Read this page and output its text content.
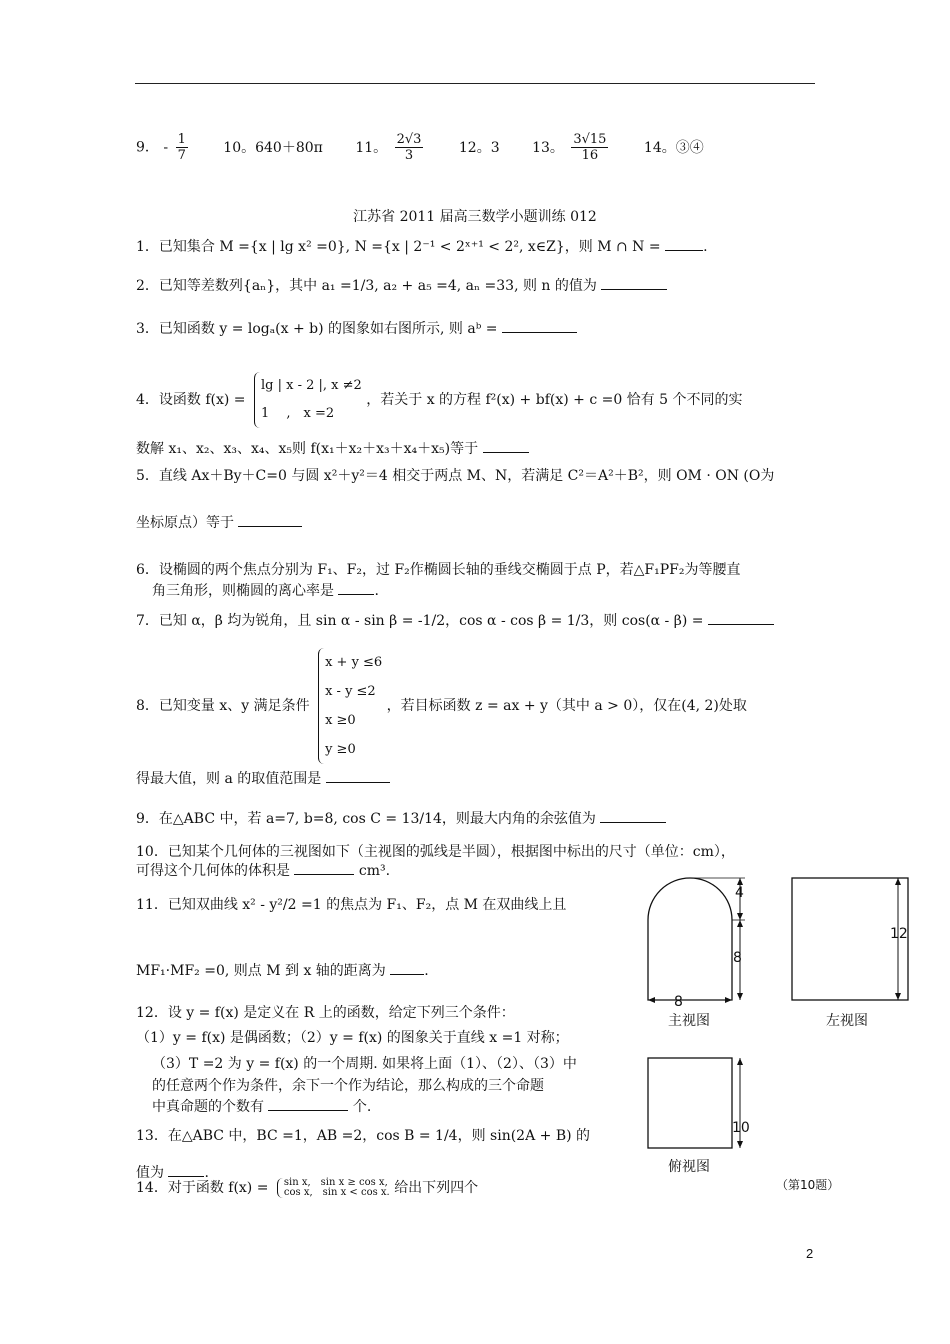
9． - $\frac{1}{7}$	10。640＋80π 11。 $\frac{2√3}{3}$	12。3 13。 $\frac{3√15}{16}$	14。③④
江苏省 2011 届高三数学小题训练 012
1．已知集合 M ={x | lg x² =0}, N ={x | 2⁻¹ < 2ˣ⁺¹ < 2², x∈Z}，则 M ∩ N =	.
2．已知等差数列{aₙ}，其中 a₁ =1/3, a₂ + a₅ =4, aₙ =33, 则 n 的值为
3．已知函数 y = logₐ(x + b) 的图象如右图所示, 则 aᵇ =
4．设函数 f(x) =
lg | x - 2 |, x ≠2
1　 ,　x =2
，若关于 x 的方程 f²(x) + bf(x) + c =0 恰有 5 个不同的实
数解 x₁、x₂、x₃、x₄、x₅则 f(x₁＋x₂＋x₃＋x₄＋x₅)等于
5．直线 Ax＋By＋C=0 与圆 x²＋y²＝4 相交于两点 M、N，若满足 C²＝A²＋B²，则 OM · ON (O为
坐标原点）等于
6．设椭圆的两个焦点分别为 F₁、F₂，过 F₂作椭圆长轴的垂线交椭圆于点 P，若△F₁PF₂为等腰直
角三角形，则椭圆的离心率是	.
7．已知 α，β 均为锐角，且 sin α - sin β = -1/2，cos α - cos β = 1/3，则 cos(α - β) =
8．已知变量 x、y 满足条件
x + y ≤6
x - y ≤2
x ≥0
y ≥0
，若目标函数 z = ax + y（其中 a > 0），仅在(4, 2)处取
得最大值，则 a 的取值范围是
9．在△ABC 中，若 a=7, b=8, cos C = 13/14，则最大内角的余弦值为
10．已知某个几何体的三视图如下（主视图的弧线是半圆），根据图中标出的尺寸（单位：cm），
可得这个几何体的体积是	cm³.
11．已知双曲线 x² - y²/2 =1 的焦点为 F₁、F₂，点 M 在双曲线上且
MF₁·MF₂ =0, 则点 M 到 x 轴的距离为	.
12．设 y = f(x) 是定义在 R 上的函数，给定下列三个条件：
（1）y = f(x) 是偶函数；（2）y = f(x) 的图象关于直线 x =1 对称；
（3）T =2 为 y = f(x) 的一个周期. 如果将上面（1）、（2）、（3）中
的任意两个作为条件，余下一个作为结论，那么构成的三个命题
中真命题的个数有	个.
13．在△ABC 中，BC =1，AB =2，cos B = 1/4，则 sin(2A + B) 的
值为	.
14．对于函数 f(x) = sin x,　sin x ≥ cos x,
cos x,　sin x < cos x. 给出下列四个
4
8
8
12
10
主视图	左视图
俯视图
（第10题）
2
